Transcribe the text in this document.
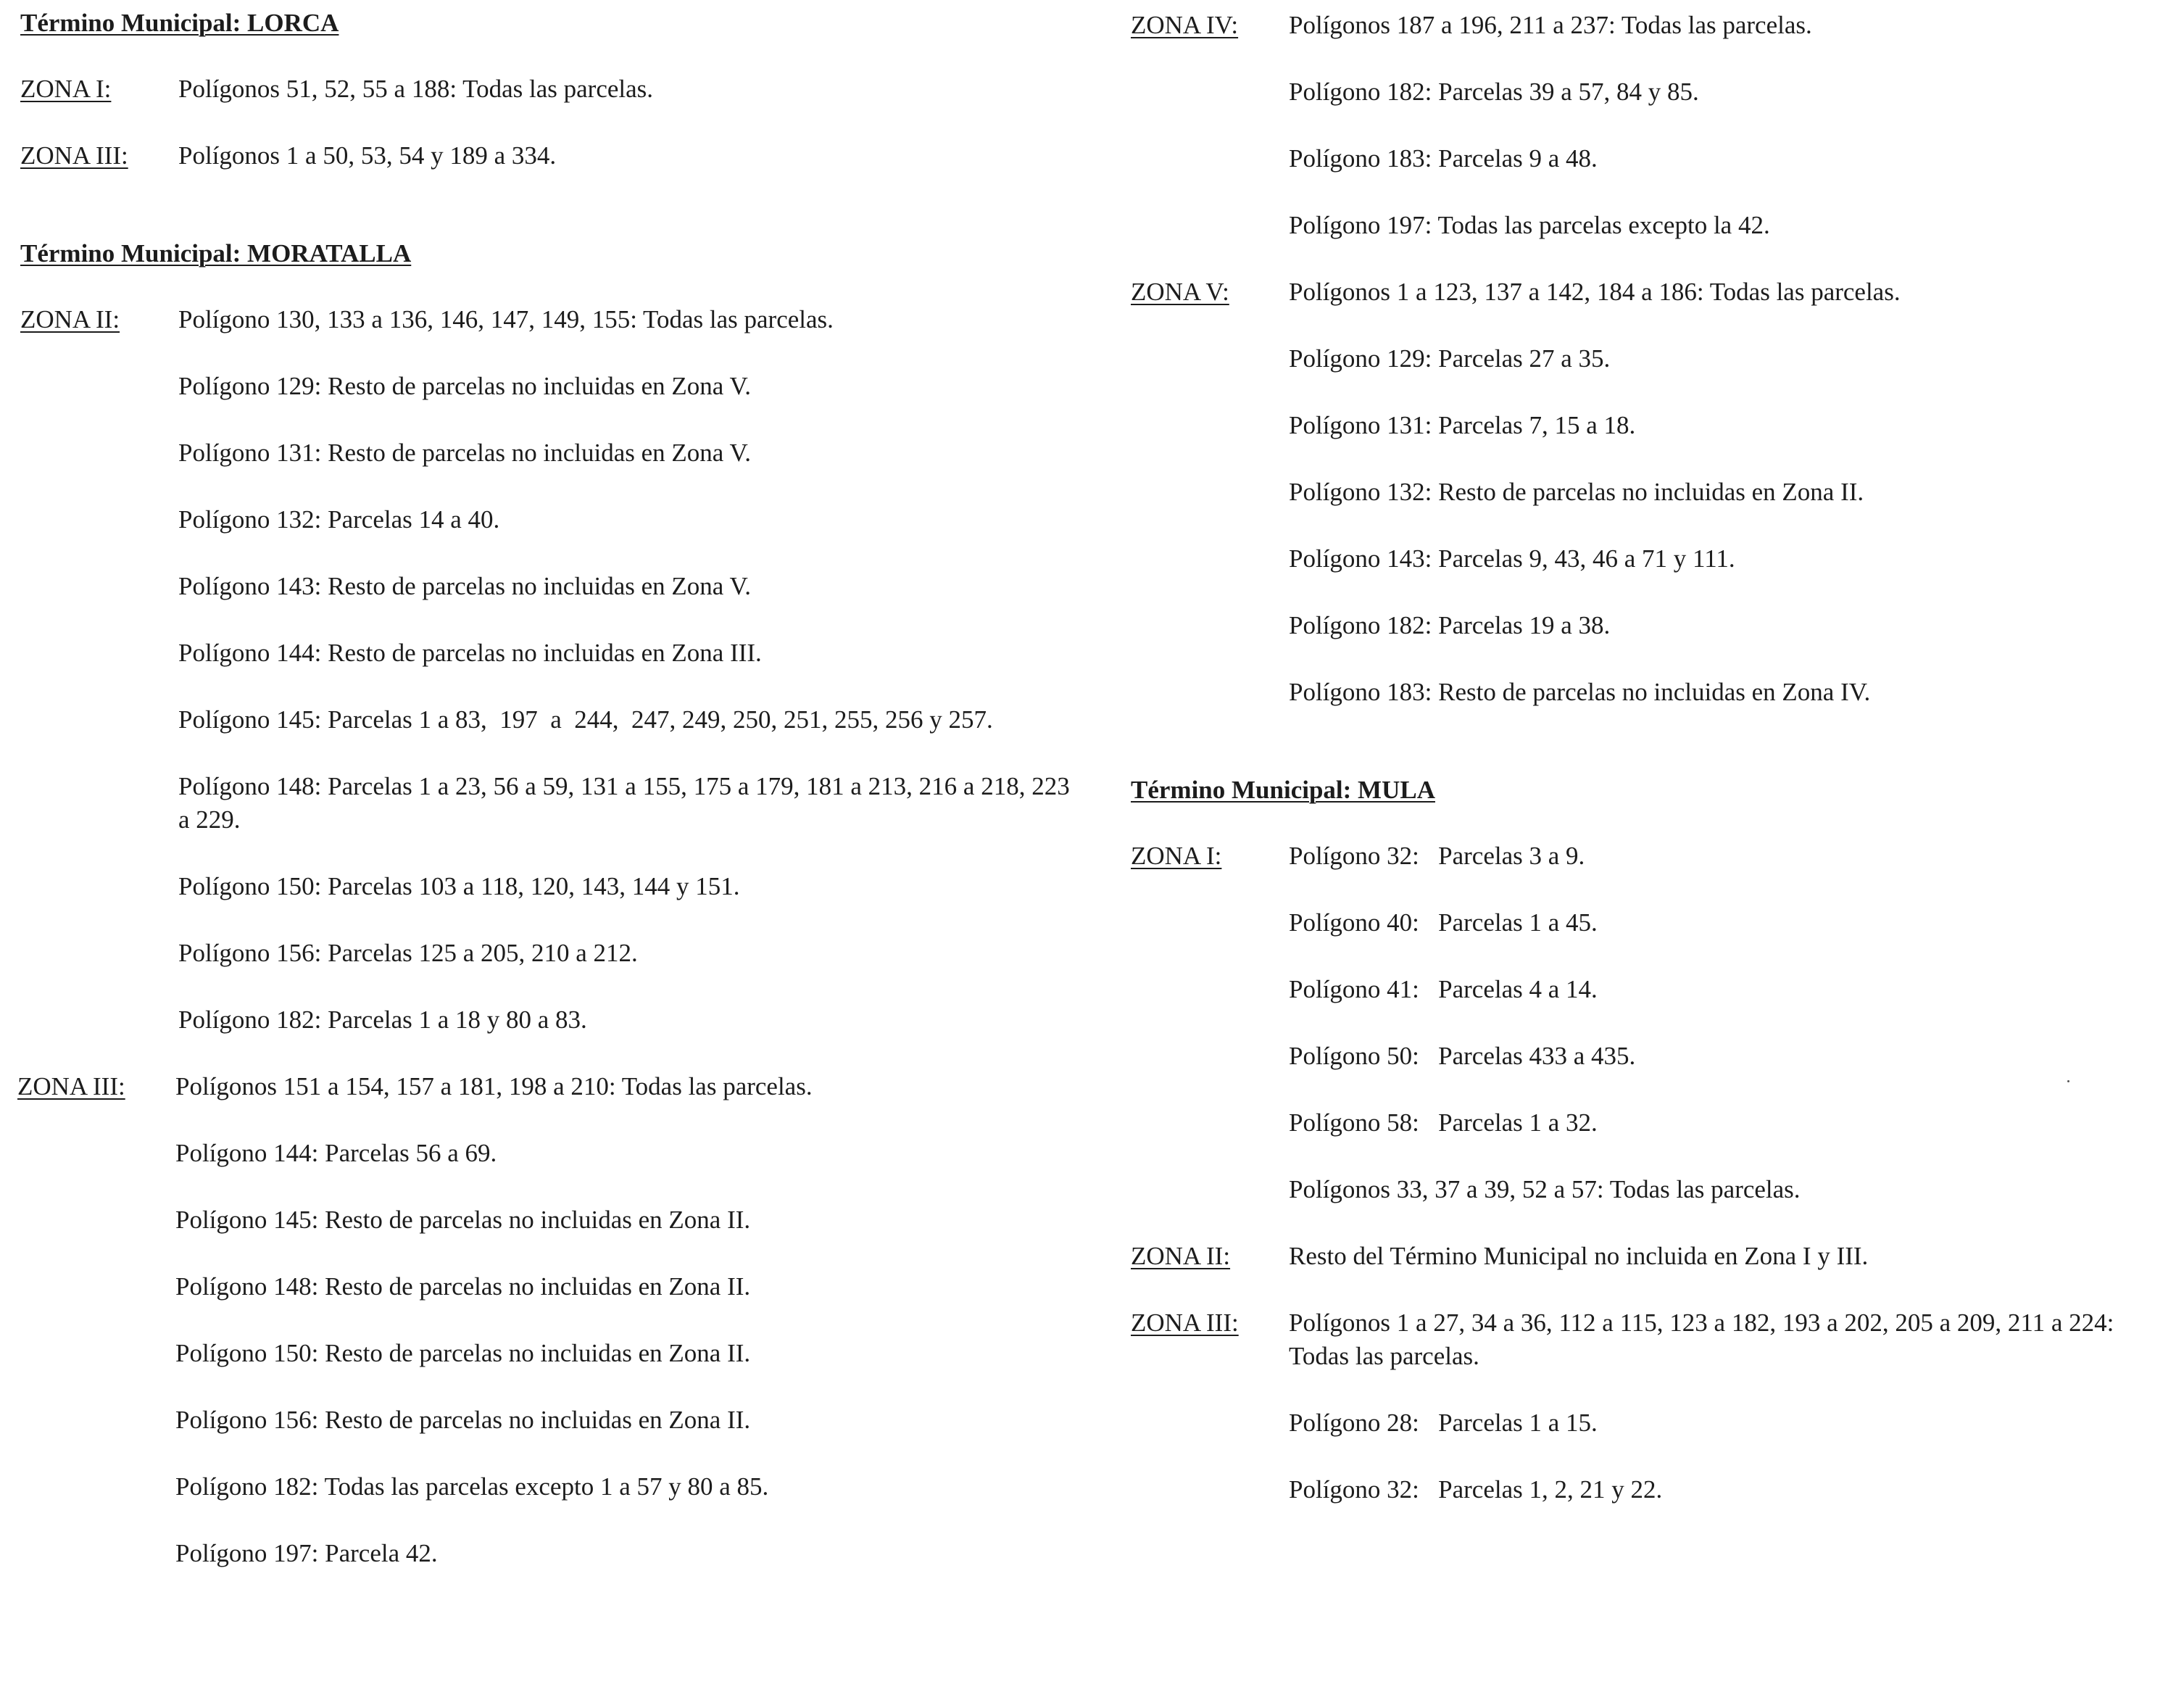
Término Municipal: LORCA
ZONA I:	Polígonos 51, 52, 55 a 188: Todas las parcelas.

ZONA III: Polígonos 1 a 50, 53, 54 y 189 a 334.

Término Municipal: MORATALLA
ZONA II: Polígono 130, 133 a 136, 146, 147, 149, 155: Todas las parcelas.

Polígono 129: Resto de parcelas no incluidas en Zona V.

Polígono 131: Resto de parcelas no incluidas en Zona V.

Polígono 132: Parcelas 14 a 40.

Polígono 143: Resto de parcelas no incluidas en Zona V.

Polígono 144: Resto de parcelas no incluidas en Zona III.

Polígono 145: Parcelas 1 a 83,  197  a  244,  247, 249, 250, 251, 255, 256 y 257.

Polígono 148: Parcelas 1 a 23, 56 a 59, 131 a 155, 175 a 179, 181 a 213, 216 a 218, 223 a 229.

Polígono 150: Parcelas 103 a 118, 120, 143, 144 y 151.

Polígono 156: Parcelas 125 a 205, 210 a 212.

Polígono 182: Parcelas 1 a 18 y 80 a 83.

ZONA III: Polígonos 151 a 154, 157 a 181, 198 a 210: Todas las parcelas.

Polígono 144: Parcelas 56 a 69.

Polígono 145: Resto de parcelas no incluidas en Zona II.

Polígono 148: Resto de parcelas no incluidas en Zona II.

Polígono 150: Resto de parcelas no incluidas en Zona II.

Polígono 156: Resto de parcelas no incluidas en Zona II.

Polígono 182: Todas las parcelas excepto 1 a 57 y 80 a 85.

Polígono 197: Parcela 42.

ZONA IV: Polígonos 187 a 196, 211 a 237: Todas las parcelas.

Polígono 182: Parcelas 39 a 57, 84 y 85.

Polígono 183: Parcelas 9 a 48.

Polígono 197: Todas las parcelas excepto la 42.

ZONA V: Polígonos 1 a 123, 137 a 142, 184 a 186: Todas las parcelas.

Polígono 129: Parcelas 27 a 35.

Polígono 131: Parcelas 7, 15 a 18.

Polígono 132: Resto de parcelas no incluidas en Zona II.

Polígono 143: Parcelas 9, 43, 46 a 71 y 111.

Polígono 182: Parcelas 19 a 38.

Polígono 183: Resto de parcelas no incluidas en Zona IV.

Término Municipal: MULA
ZONA I:	Polígono 32:   Parcelas 3 a 9.

Polígono 40:   Parcelas 1 a 45.

Polígono 41:   Parcelas 4 a 14.

Polígono 50:   Parcelas 433 a 435.

Polígono 58:   Parcelas 1 a 32.

Polígonos 33, 37 a 39, 52 a 57: Todas las parcelas.

ZONA II: Resto del Término Municipal no incluida en Zona I y III.

ZONA III: Polígonos 1 a 27, 34 a 36, 112 a 115, 123 a 182, 193 a 202, 205 a 209, 211 a 224: Todas las parcelas.

Polígono 28:   Parcelas 1 a 15.

Polígono 32:   Parcelas 1, 2, 21 y 22.
